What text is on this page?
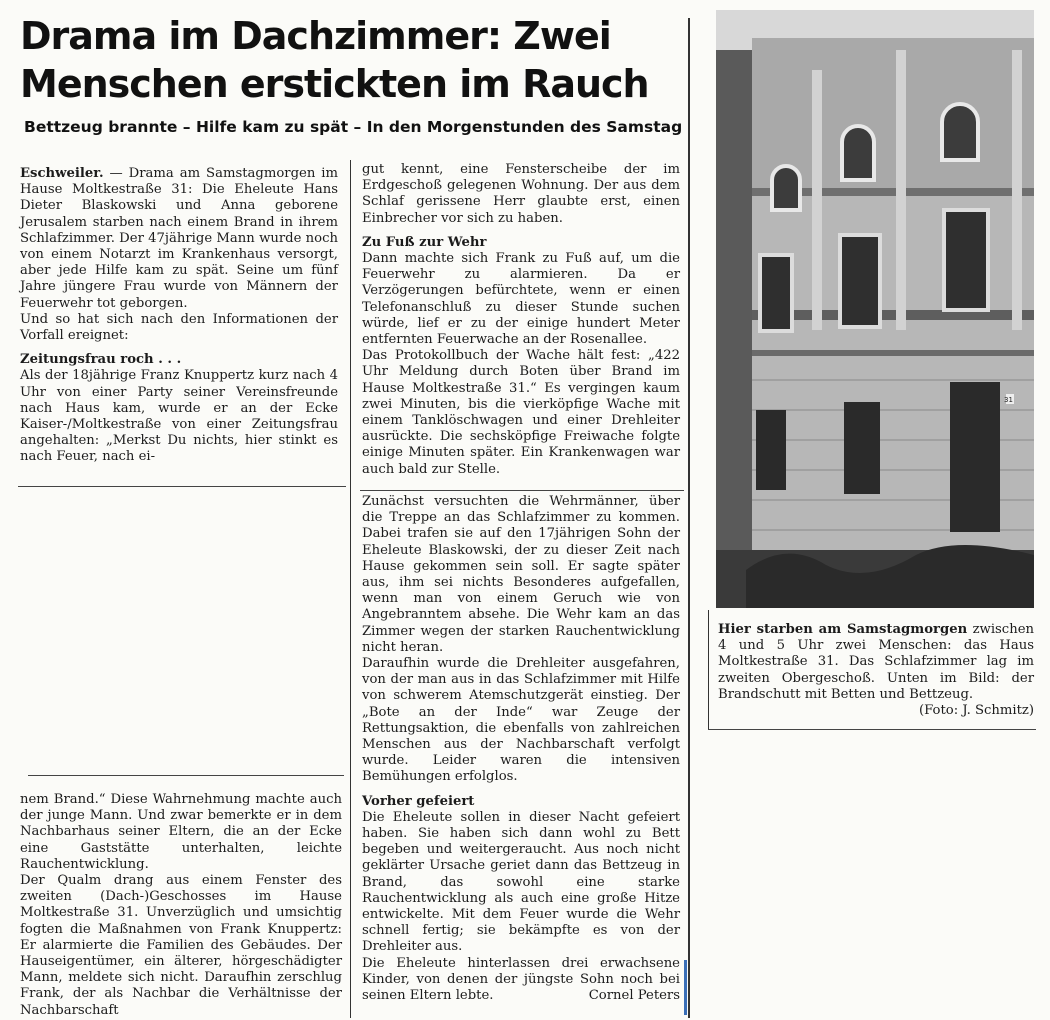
Drama im Dachzimmer: Zwei Menschen erstickten im Rauch
Bettzeug brannte – Hilfe kam zu spät – In den Morgenstunden des Samstag

Eschweiler. — Drama am Samstagmorgen im Hause Moltkestraße 31: Die Eheleute Hans Dieter Blaskowski und Anna geborene Jerusalem starben nach einem Brand in ihrem Schlafzimmer. Der 47jährige Mann wurde noch von einem Notarzt im Krankenhaus versorgt, aber jede Hilfe kam zu spät. Seine um fünf Jahre jüngere Frau wurde von Männern der Feuerwehr tot geborgen.

Und so hat sich nach den Informationen der Vorfall ereignet:

Zeitungsfrau roch . . .

Als der 18jährige Franz Knuppertz kurz nach 4 Uhr von einer Party seiner Vereinsfreunde nach Haus kam, wurde er an der Ecke Kaiser-/Moltkestraße von einer Zeitungsfrau angehalten: „Merkst Du nichts, hier stinkt es nach Feuer, nach ei-

nem Brand.“ Diese Wahrnehmung machte auch der junge Mann. Und zwar bemerkte er in dem Nachbarhaus seiner Eltern, die an der Ecke eine Gaststätte unterhalten, leichte Rauchentwicklung.

Der Qualm drang aus einem Fenster des zweiten (Dach-)Geschosses im Hause Moltkestraße 31. Unverzüglich und umsichtig fogten die Maßnahmen von Frank Knuppertz: Er alarmierte die Familien des Gebäudes. Der Hauseigentümer, ein älterer, hörgeschädigter Mann, meldete sich nicht. Daraufhin zerschlug Frank, der als Nachbar die Verhältnisse der Nachbarschaft

gut kennt, eine Fensterscheibe der im Erdgeschoß gelegenen Wohnung. Der aus dem Schlaf gerissene Herr glaubte erst, einen Einbrecher vor sich zu haben.

Zu Fuß zur Wehr

Dann machte sich Frank zu Fuß auf, um die Feuerwehr zu alarmieren. Da er Verzögerungen befürchtete, wenn er einen Telefonanschluß zu dieser Stunde suchen würde, lief er zu der einige hundert Meter entfernten Feuerwache an der Rosenallee.

Das Protokollbuch der Wache hält fest: „422 Uhr Meldung durch Boten über Brand im Hause Moltkestraße 31.“ Es vergingen kaum zwei Minuten, bis die vierköpfige Wache mit einem Tanklöschwagen und einer Drehleiter ausrückte. Die sechsköpfige Freiwache folgte einige Minuten später. Ein Krankenwagen war auch bald zur Stelle.

Zunächst versuchten die Wehrmänner, über die Treppe an das Schlafzimmer zu kommen. Dabei trafen sie auf den 17jährigen Sohn der Eheleute Blaskowski, der zu dieser Zeit nach Hause gekommen sein soll. Er sagte später aus, ihm sei nichts Besonderes aufgefallen, wenn man von einem Geruch wie von Angebranntem absehe. Die Wehr kam an das Zimmer wegen der starken Rauchentwicklung nicht heran.

Daraufhin wurde die Drehleiter ausgefahren, von der man aus in das Schlafzimmer mit Hilfe von schwerem Atemschutzgerät einstieg. Der „Bote an der Inde“ war Zeuge der Rettungsaktion, die ebenfalls von zahlreichen Menschen aus der Nachbarschaft verfolgt wurde. Leider waren die intensiven Bemühungen erfolglos.

Vorher gefeiert

Die Eheleute sollen in dieser Nacht gefeiert haben. Sie haben sich dann wohl zu Bett begeben und weitergeraucht. Aus noch nicht geklärter Ursache geriet dann das Bettzeug in Brand, das sowohl eine starke Rauchentwicklung als auch eine große Hitze entwickelte. Mit dem Feuer wurde die Wehr schnell fertig; sie bekämpfte es von der Drehleiter aus.

Die Eheleute hinterlassen drei erwachsene Kinder, von denen der jüngste Sohn noch bei seinen Eltern lebte.	Cornel Peters

31
Hier starben am Samstagmorgen zwischen 4 und 5 Uhr zwei Menschen: das Haus Moltkestraße 31. Das Schlafzimmer lag im zweiten Obergeschoß. Unten im Bild: der Brandschutt mit Betten und Bettzeug.
(Foto: J. Schmitz)
